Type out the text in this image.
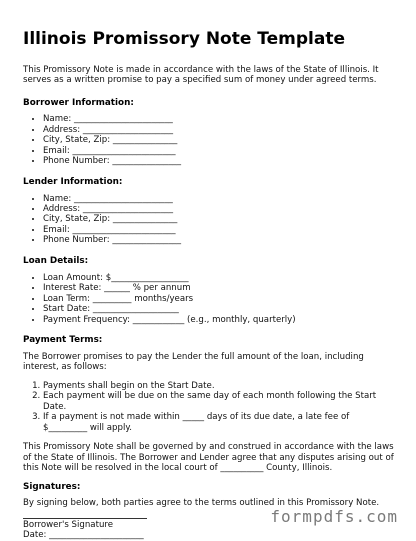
Illinois Promissory Note Template

This Promissory Note is made in accordance with the laws of the State of Illinois. It serves as a written promise to pay a specified sum of money under agreed terms.

Borrower Information:
• Name: _______________________
• Address: _____________________
• City, State, Zip: _______________
• Email: ________________________
• Phone Number: ________________
Lender Information:
• Name: _______________________
• Address: _____________________
• City, State, Zip: _______________
• Email: ________________________
• Phone Number: ________________
Loan Details:
• Loan Amount: $__________________
• Interest Rate: ______ % per annum
• Loan Term: _________ months/years
• Start Date: ____________________
• Payment Frequency: ____________ (e.g., monthly, quarterly)
Payment Terms:

The Borrower promises to pay the Lender the full amount of the loan, including interest, as follows:

1. Payments shall begin on the Start Date.
2. Each payment will be due on the same day of each month following the Start Date.
3. If a payment is not made within _____ days of its due date, a late fee of $_________ will apply.

This Promissory Note shall be governed by and construed in accordance with the laws of the State of Illinois. The Borrower and Lender agree that any disputes arising out of this Note will be resolved in the local court of __________ County, Illinois.

Signatures:

By signing below, both parties agree to the terms outlined in this Promissory Note.

Borrower's Signature
Date: ______________________
formpdfs.com
